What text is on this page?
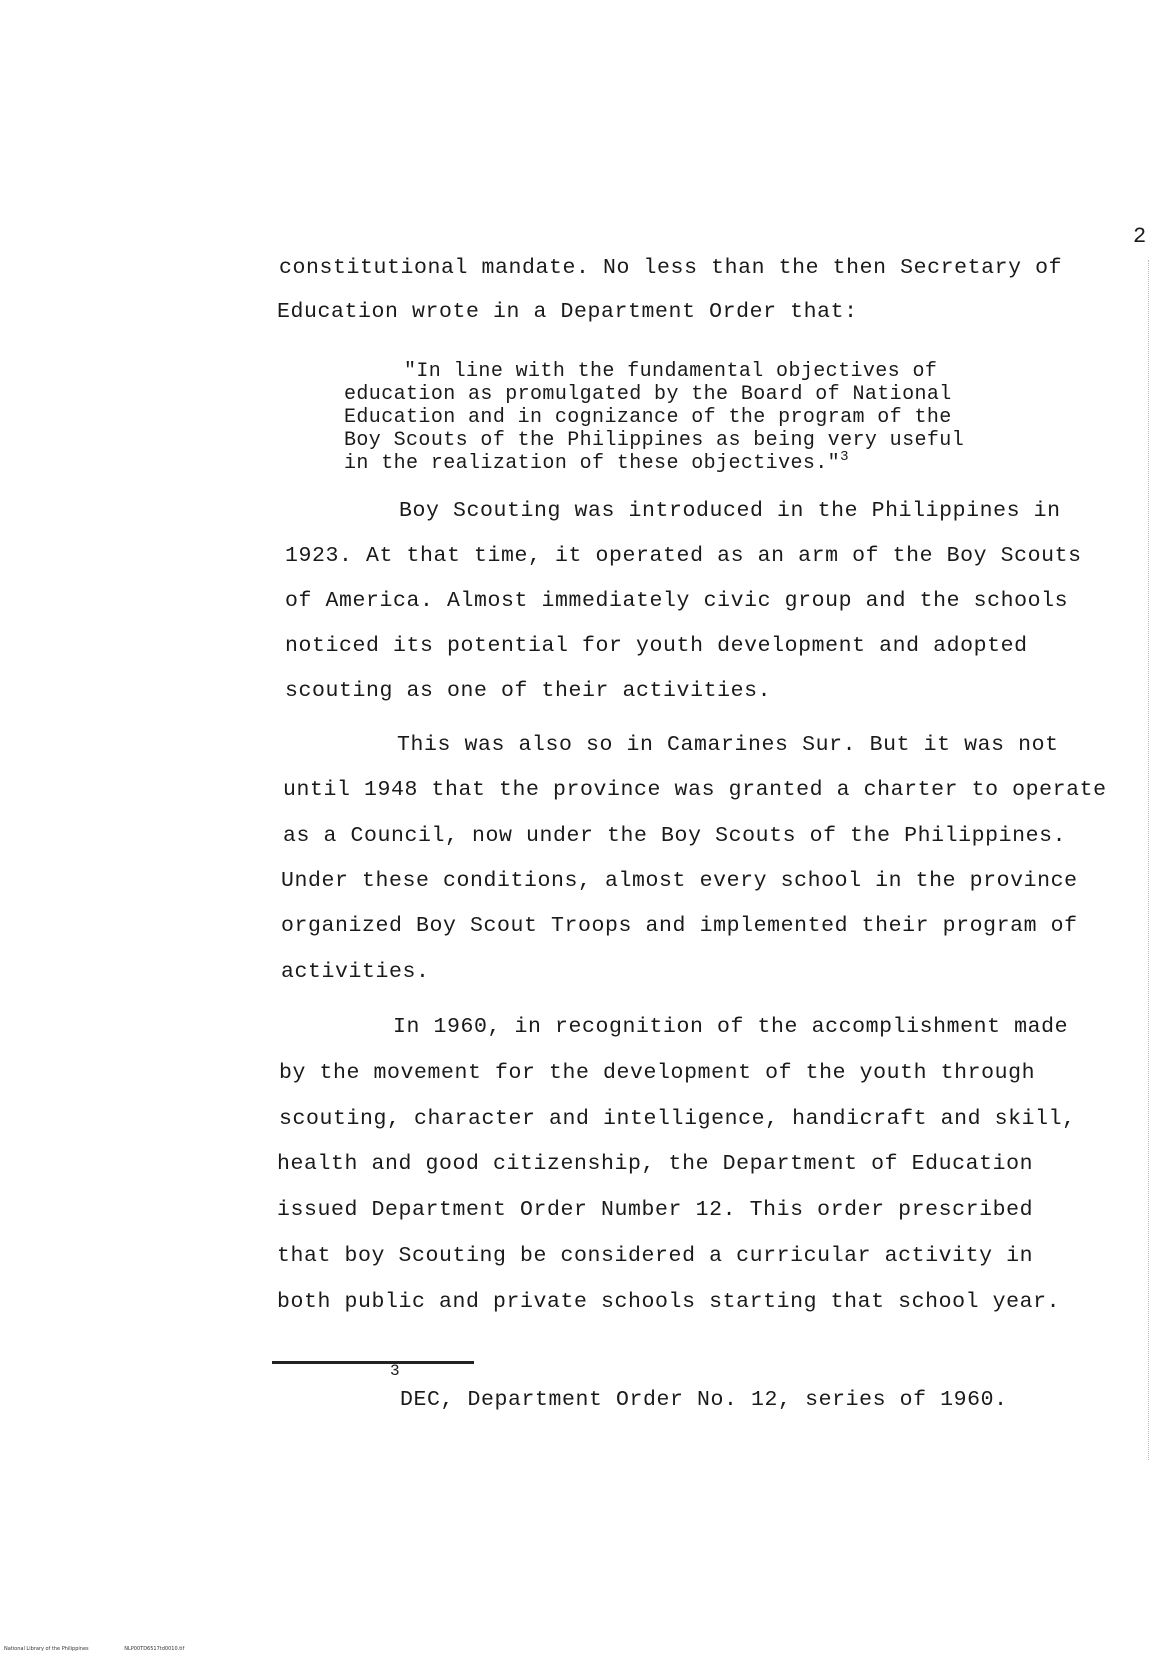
2
constitutional mandate. No less than the then Secretary of
Education wrote in a Department Order that:
"In line with the fundamental objectives of
education as promulgated by the Board of National
Education and in cognizance of the program of the
Boy Scouts of the Philippines as being very useful
in the realization of these objectives."$^3$
Boy Scouting was introduced in the Philippines in
1923. At that time, it operated as an arm of the Boy Scouts
of America. Almost immediately civic group and the schools
noticed its potential for youth development and adopted
scouting as one of their activities.
This was also so in Camarines Sur. But it was not
until 1948 that the province was granted a charter to operate
as a Council, now under the Boy Scouts of the Philippines.
Under these conditions, almost every school in the province
organized Boy Scout Troops and implemented their program of
activities.
In 1960, in recognition of the accomplishment made
by the movement for the development of the youth through
scouting, character and intelligence, handicraft and skill,
health and good citizenship, the Department of Education
issued Department Order Number 12. This order prescribed
that boy Scouting be considered a curricular activity in
both public and private schools starting that school year.
3
DEC, Department Order No. 12, series of 1960.
National Library of the Philippines	NLP00TD6517td0010.tif
